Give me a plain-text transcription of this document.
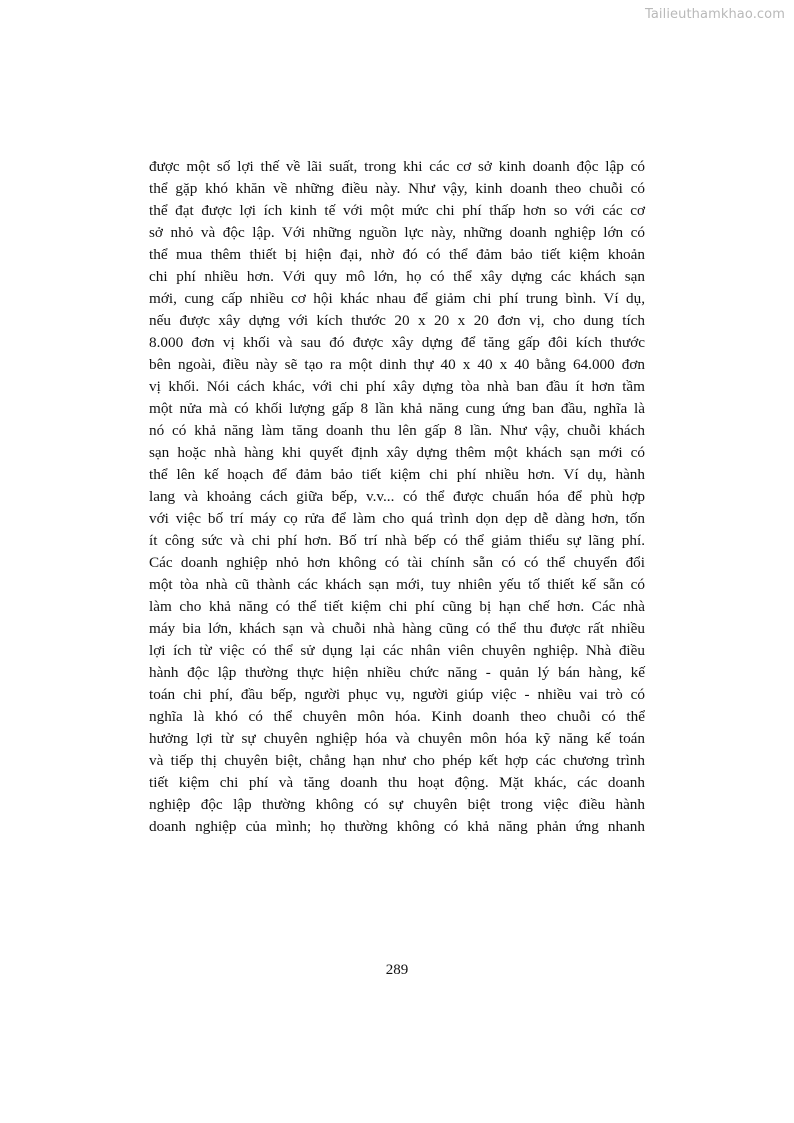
Tailieuthamkhao.com
được một số lợi thế về lãi suất, trong khi các cơ sở kinh doanh độc lập có
thể gặp khó khăn về những điều này. Như vậy, kinh doanh theo chuỗi có
thể đạt được lợi ích kinh tế với một mức chi phí thấp hơn so với các cơ
sở nhỏ và độc lập. Với những nguồn lực này, những doanh nghiệp lớn có
thể mua thêm thiết bị hiện đại, nhờ đó có thể đảm bảo tiết kiệm khoản
chi phí nhiều hơn. Với quy mô lớn, họ có thể xây dựng các khách sạn
mới, cung cấp nhiều cơ hội khác nhau để giảm chi phí trung bình. Ví dụ,
nếu được xây dựng với kích thước 20 x 20 x 20 đơn vị, cho dung tích
8.000 đơn vị khối và sau đó được xây dựng để tăng gấp đôi kích thước
bên ngoài, điều này sẽ tạo ra một dinh thự 40 x 40 x 40 bằng 64.000 đơn
vị khối. Nói cách khác, với chi phí xây dựng tòa nhà ban đầu ít hơn tầm
một nửa mà có khối lượng gấp 8 lần khả năng cung ứng ban đầu, nghĩa là
nó có khả năng làm tăng doanh thu lên gấp 8 lần. Như vậy, chuỗi khách
sạn hoặc nhà hàng khi quyết định xây dựng thêm một khách sạn mới có
thể lên kế hoạch để đảm bảo tiết kiệm chi phí nhiều hơn. Ví dụ, hành
lang và khoảng cách giữa bếp, v.v... có thể được chuẩn hóa để phù hợp
với việc bố trí máy cọ rửa để làm cho quá trình dọn dẹp dễ dàng hơn, tốn
ít công sức và chi phí hơn. Bố trí nhà bếp có thể giảm thiểu sự lãng phí.
Các doanh nghiệp nhỏ hơn không có tài chính sẵn có có thể chuyển đổi
một tòa nhà cũ thành các khách sạn mới, tuy nhiên yếu tố thiết kế sẵn có
làm cho khả năng có thể tiết kiệm chi phí cũng bị hạn chế hơn. Các nhà
máy bia lớn, khách sạn và chuỗi nhà hàng cũng có thể thu được rất nhiều
lợi ích từ việc có thể sử dụng lại các nhân viên chuyên nghiệp. Nhà điều
hành độc lập thường thực hiện nhiều chức năng - quản lý bán hàng, kế
toán chi phí, đầu bếp, người phục vụ, người giúp việc - nhiều vai trò có
nghĩa là khó có thể chuyên môn hóa. Kinh doanh theo chuỗi có thể
hưởng lợi từ sự chuyên nghiệp hóa và chuyên môn hóa kỹ năng kế toán
và tiếp thị chuyên biệt, chẳng hạn như cho phép kết hợp các chương trình
tiết kiệm chi phí và tăng doanh thu hoạt động. Mặt khác, các doanh
nghiệp độc lập thường không có sự chuyên biệt trong việc điều hành
doanh nghiệp của mình; họ thường không có khả năng phản ứng nhanh
289
